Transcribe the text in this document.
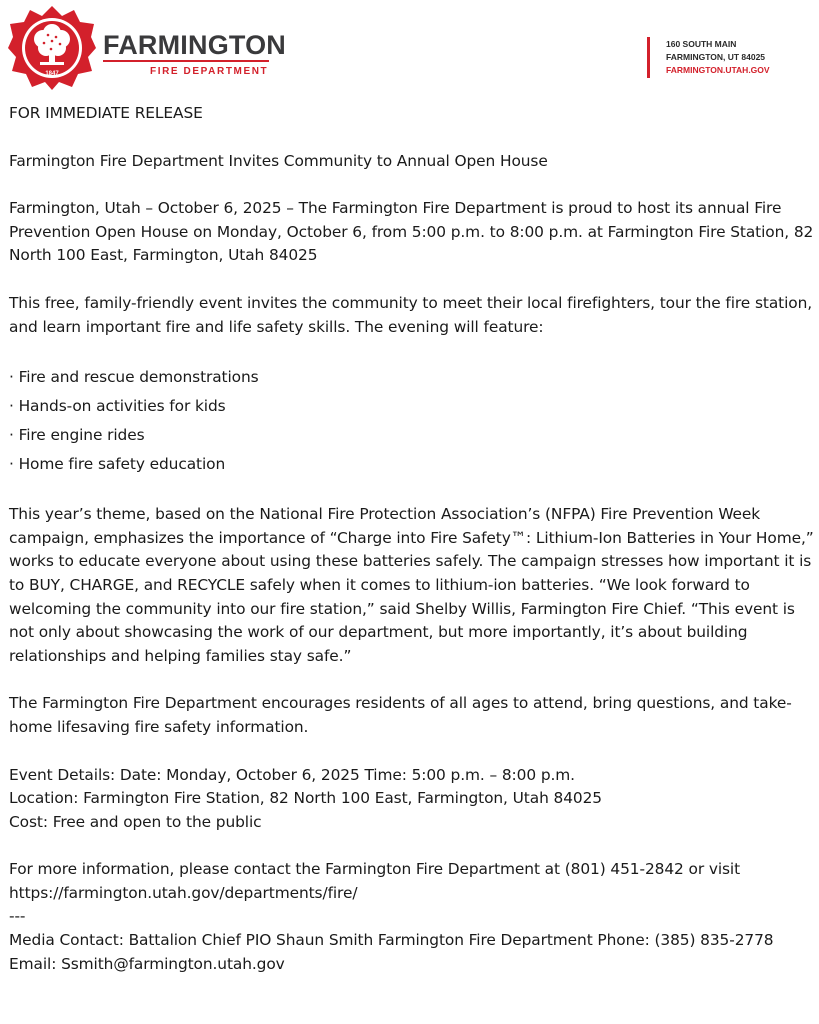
1847
FARMINGTON
FIRE DEPARTMENT
160 SOUTH MAIN
FARMINGTON, UT 84025
FARMINGTON.UTAH.GOV

FOR IMMEDIATE RELEASE

Farmington Fire Department Invites Community to Annual Open House

Farmington, Utah – October 6, 2025 – The Farmington Fire Department is proud to host its annual Fire Prevention Open House on Monday, October 6, from 5:00 p.m. to 8:00 p.m. at Farmington Fire Station, 82 North 100 East, Farmington, Utah 84025

This free, family-friendly event invites the community to meet their local firefighters, tour the fire station, and learn important fire and life safety skills. The evening will feature:

· Fire and rescue demonstrations
· Hands-on activities for kids
· Fire engine rides
· Home fire safety education

This year’s theme, based on the National Fire Protection Association’s (NFPA) Fire Prevention Week campaign, emphasizes the importance of “Charge into Fire Safety™: Lithium-Ion Batteries in Your Home,” works to educate everyone about using these batteries safely. The campaign stresses how important it is to BUY, CHARGE, and RECYCLE safely when it comes to lithium-ion batteries. “We look forward to welcoming the community into our fire station,” said Shelby Willis, Farmington Fire Chief. “This event is not only about showcasing the work of our department, but more importantly, it’s about building relationships and helping families stay safe.”

The Farmington Fire Department encourages residents of all ages to attend, bring questions, and take-home lifesaving fire safety information.

Event Details: Date: Monday, October 6, 2025 Time: 5:00 p.m. – 8:00 p.m.

Location: Farmington Fire Station, 82 North 100 East, Farmington, Utah 84025

Cost: Free and open to the public

For more information, please contact the Farmington Fire Department at (801) 451-2842 or visit https://farmington.utah.gov/departments/fire/

---

Media Contact: Battalion Chief PIO Shaun Smith Farmington Fire Department Phone: (385) 835-2778 Email: Ssmith@farmington.utah.gov
